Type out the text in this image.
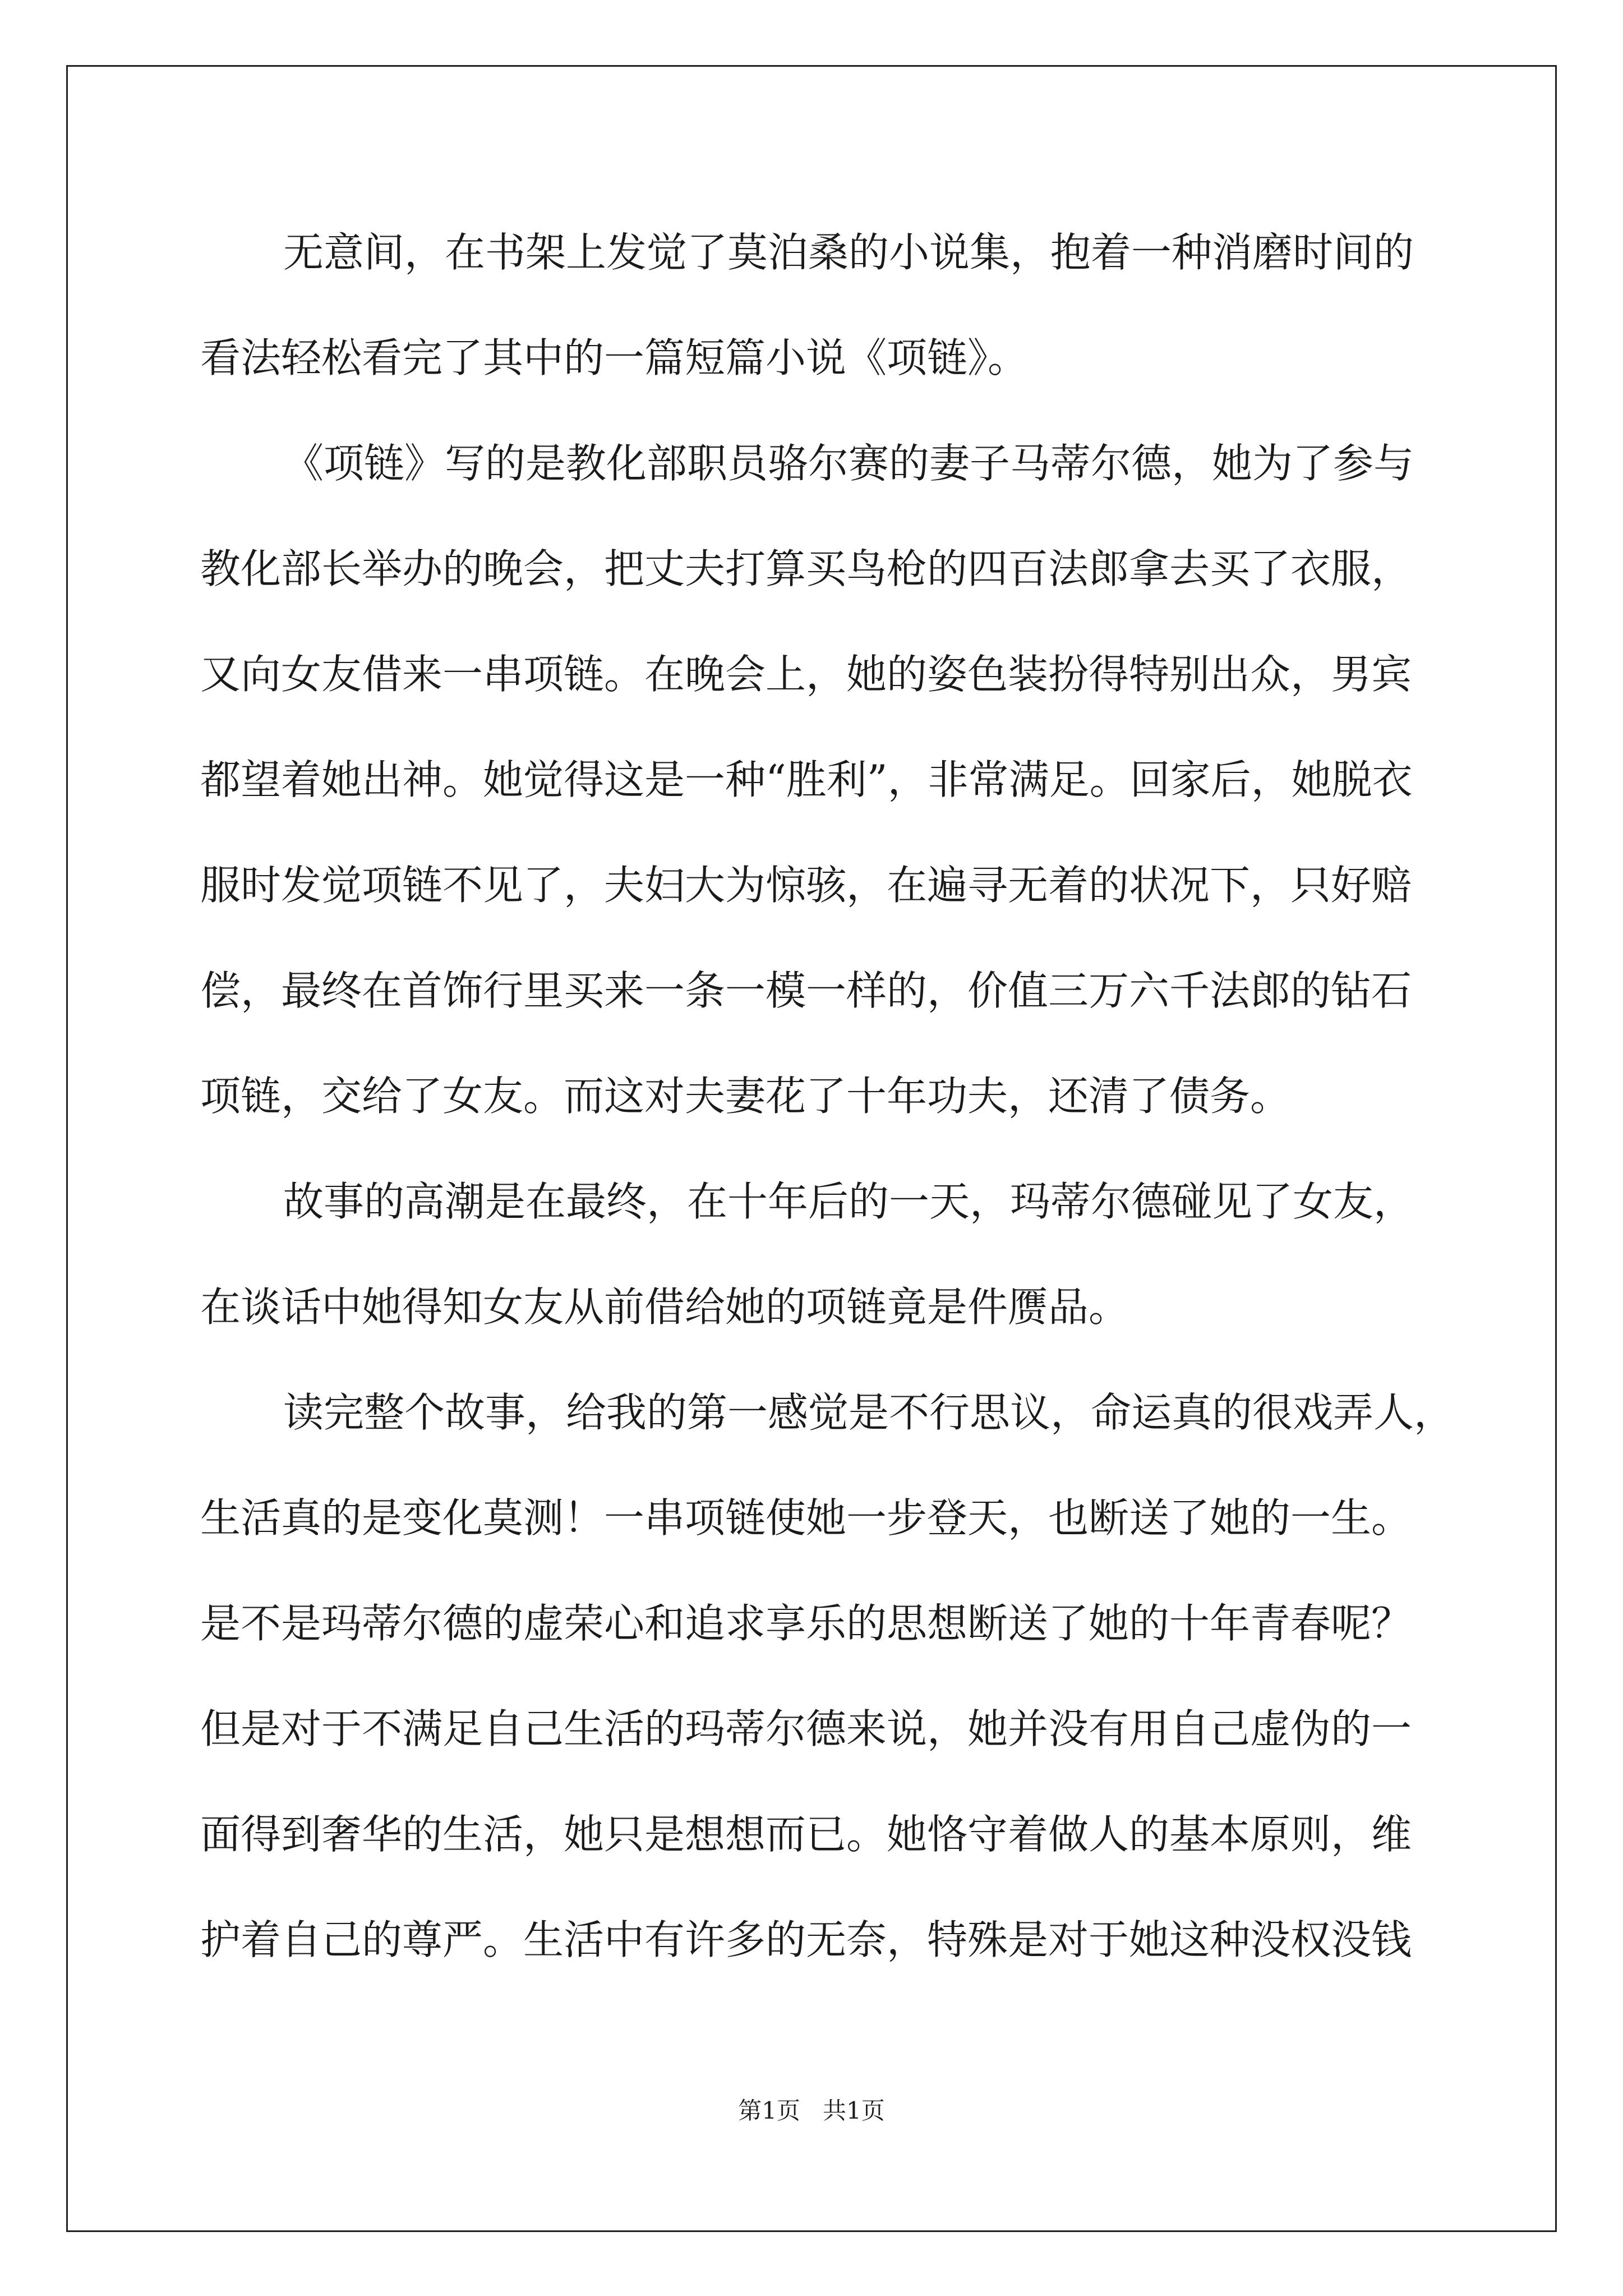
无意间，在书架上发觉了莫泊桑的小说集，抱着一种消磨时间的
看法轻松看完了其中的一篇短篇小说《项链》。
《项链》写的是教化部职员骆尔赛的妻子马蒂尔德，她为了参与
教化部长举办的晚会，把丈夫打算买鸟枪的四百法郎拿去买了衣服，
又向女友借来一串项链。在晚会上，她的姿色装扮得特别出众，男宾
都望着她出神。她觉得这是一种“胜利”，非常满足。回家后，她脱衣
服时发觉项链不见了，夫妇大为惊骇，在遍寻无着的状况下，只好赔
偿，最终在首饰行里买来一条一模一样的，价值三万六千法郎的钻石
项链，交给了女友。而这对夫妻花了十年功夫，还清了债务。
故事的高潮是在最终，在十年后的一天，玛蒂尔德碰见了女友，
在谈话中她得知女友从前借给她的项链竟是件赝品。
读完整个故事，给我的第一感觉是不行思议，命运真的很戏弄人，
生活真的是变化莫测！一串项链使她一步登天，也断送了她的一生。
是不是玛蒂尔德的虚荣心和追求享乐的思想断送了她的十年青春呢？
但是对于不满足自己生活的玛蒂尔德来说，她并没有用自己虚伪的一
面得到奢华的生活，她只是想想而已。她恪守着做人的基本原则，维
护着自己的尊严。生活中有许多的无奈，特殊是对于她这种没权没钱
第1页 共1页
